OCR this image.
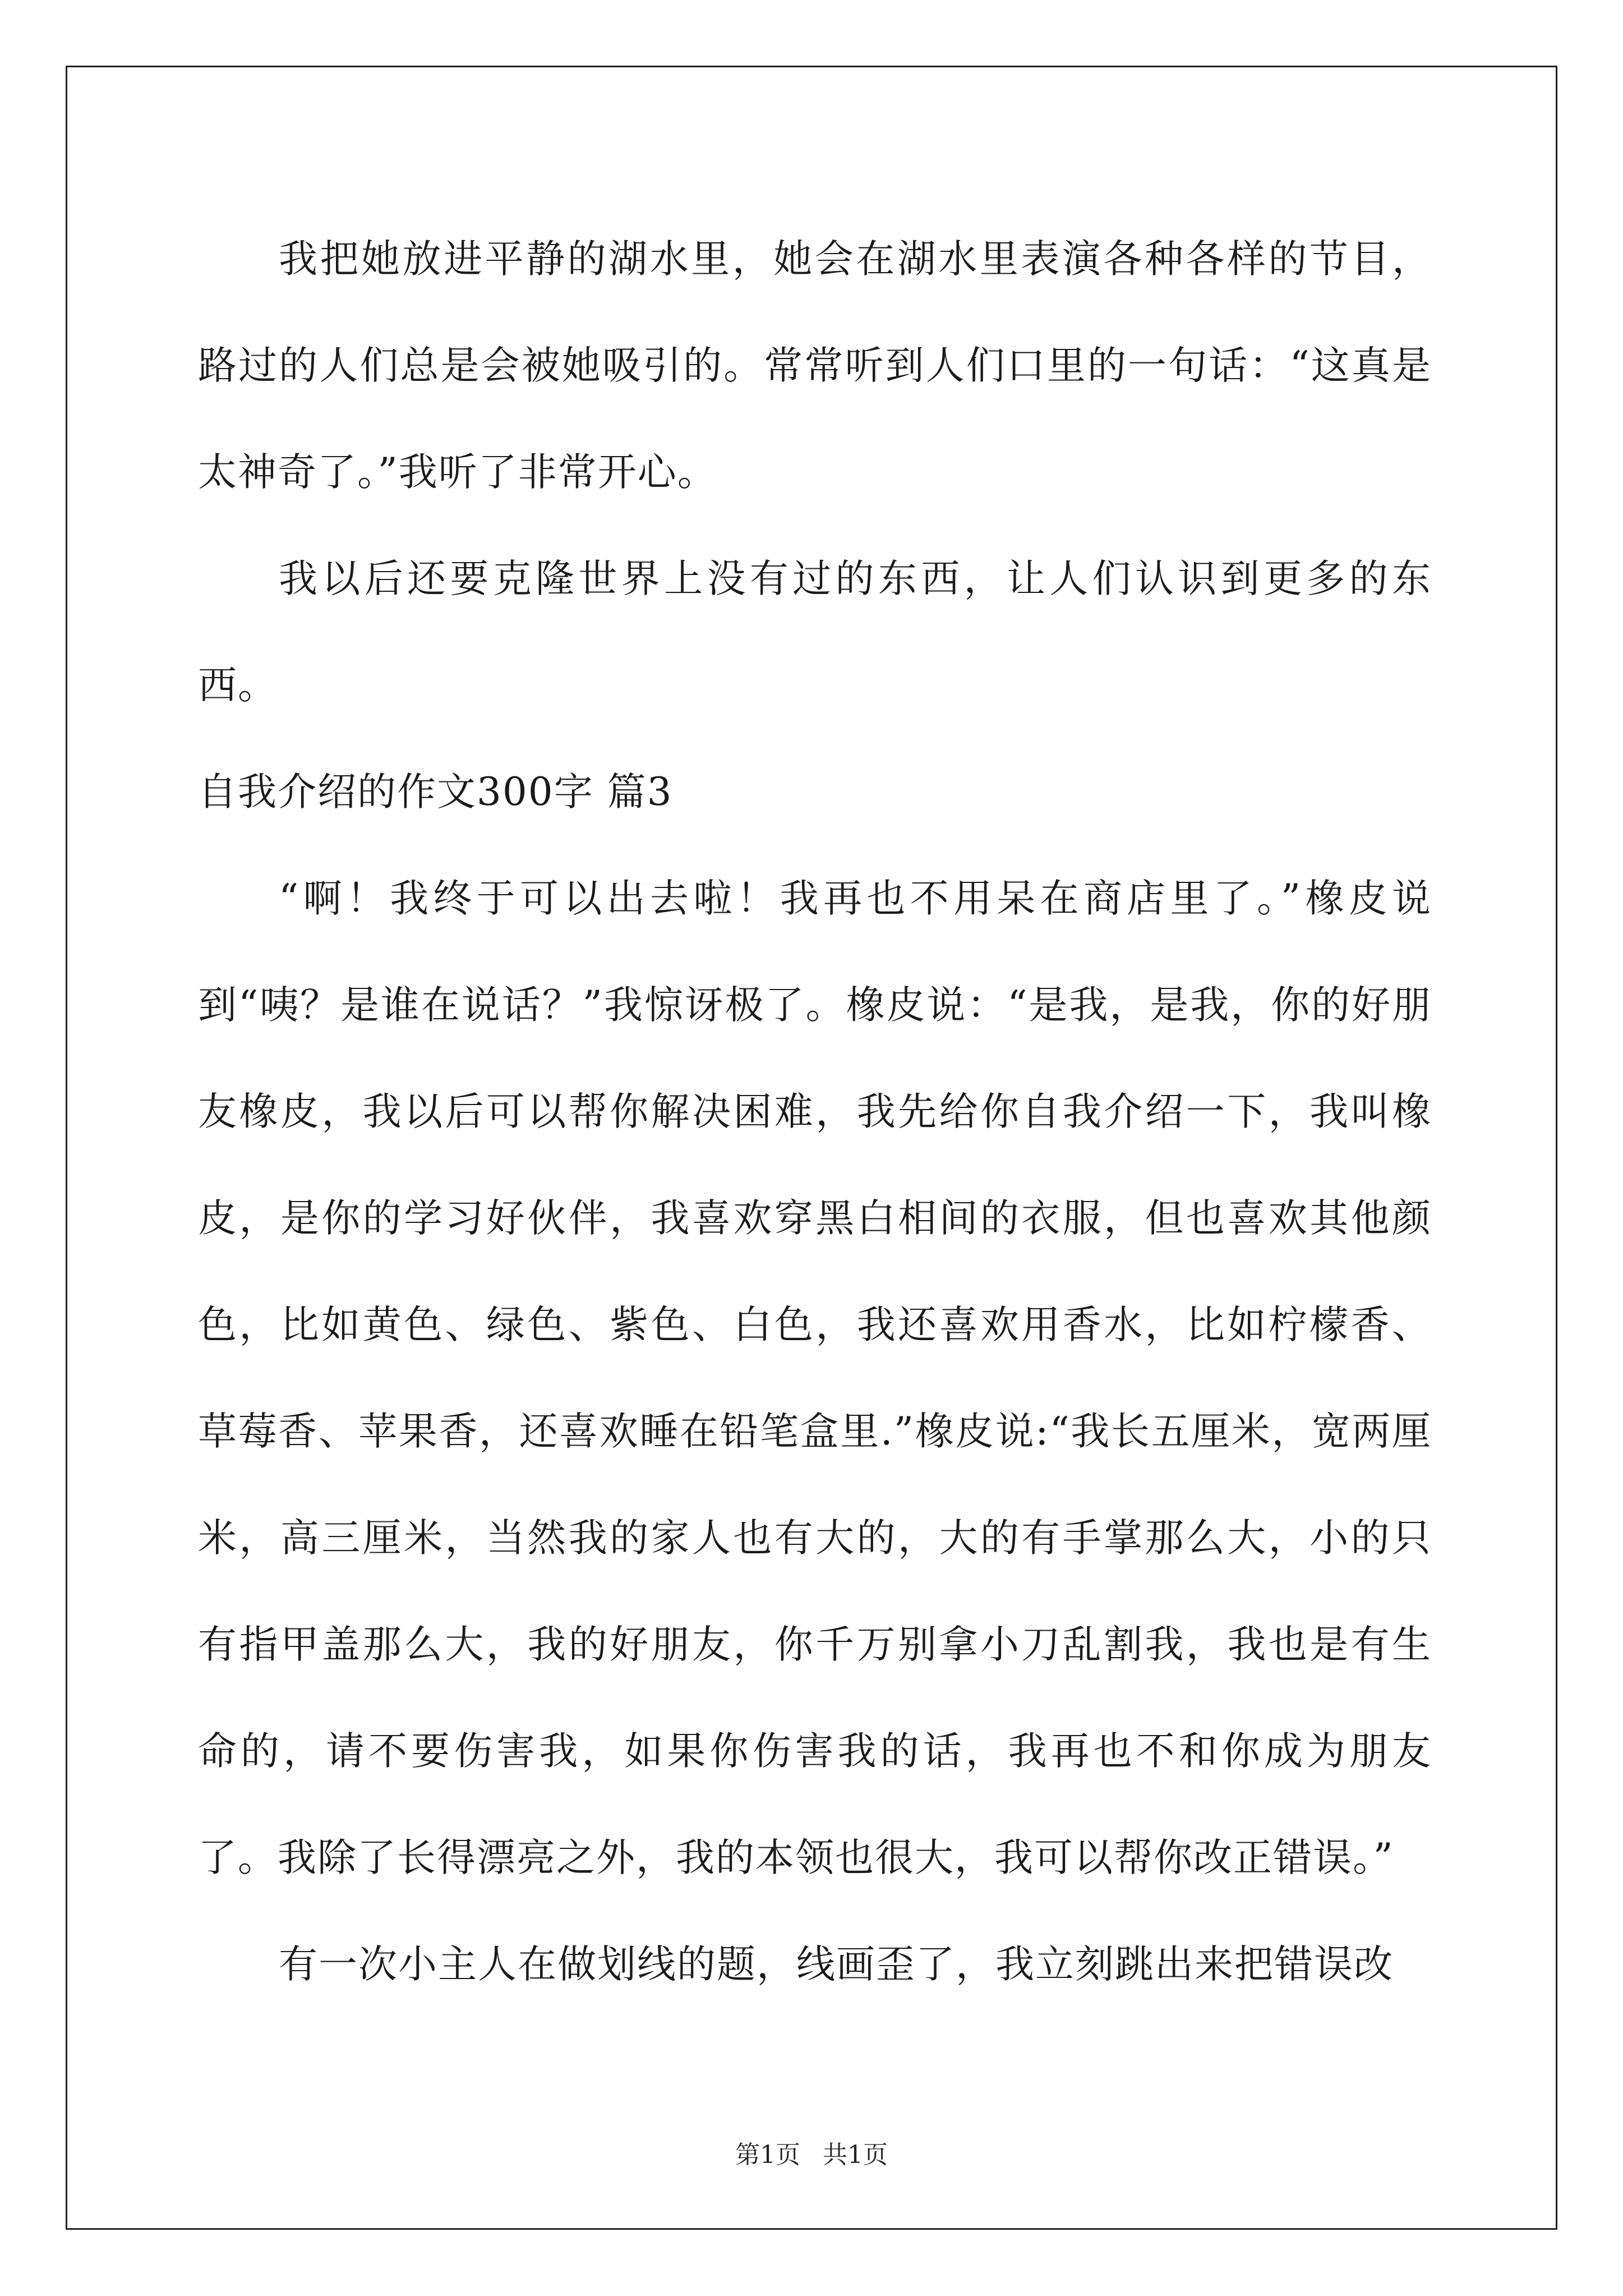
我把她放进平静的湖水里，她会在湖水里表演各种各样的节目，路过的人们总是会被她吸引的。常常听到人们口里的一句话：“这真是太神奇了。”我听了非常开心。

我以后还要克隆世界上没有过的东西，让人们认识到更多的东西。

自我介绍的作文300字 篇3

“啊！我终于可以出去啦！我再也不用呆在商店里了。”橡皮说到“咦？是谁在说话？”我惊讶极了。橡皮说：“是我，是我，你的好朋友橡皮，我以后可以帮你解决困难，我先给你自我介绍一下，我叫橡皮，是你的学习好伙伴，我喜欢穿黑白相间的衣服，但也喜欢其他颜色，比如黄色、绿色、紫色、白色，我还喜欢用香水，比如柠檬香、草莓香、苹果香，还喜欢睡在铅笔盒里.”橡皮说:“我长五厘米，宽两厘米，高三厘米，当然我的家人也有大的，大的有手掌那么大，小的只有指甲盖那么大，我的好朋友，你千万别拿小刀乱割我，我也是有生命的，请不要伤害我，如果你伤害我的话，我再也不和你成为朋友了。我除了长得漂亮之外，我的本领也很大，我可以帮你改正错误。”

有一次小主人在做划线的题，线画歪了，我立刻跳出来把错误改

第1页 共1页
